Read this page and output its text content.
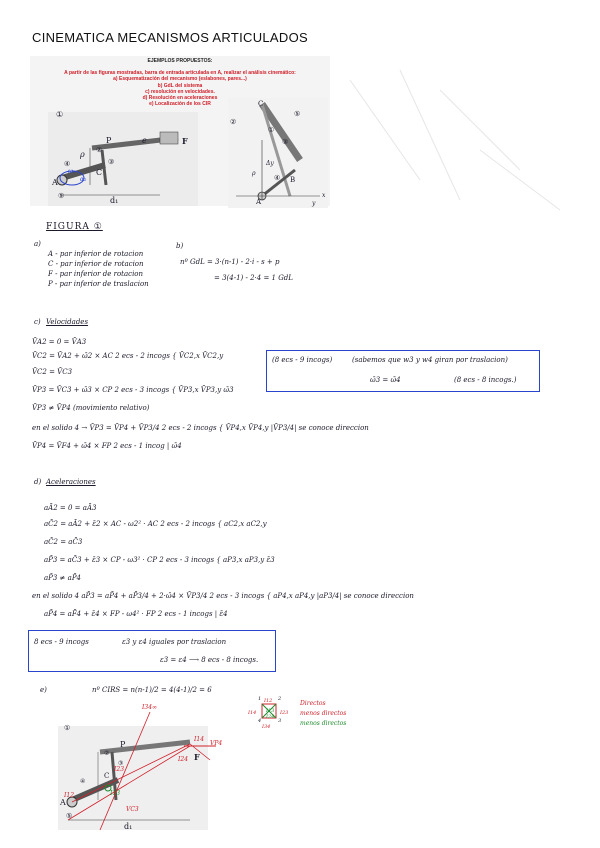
CINEMATICA MECANISMOS ARTICULADOS
EJEMPLOS PROPUESTOS:
A partir de las figuras mostradas, barra de entrada articulada en A, realizar el análisis cinemático:
a) Esquematización del mecanismo (eslabones, pares...)
b) GdL del sistema
c) resolución en velocidades.
d) Resolución en aceleraciones
e) Localización de los CIR
①
P	e	F
②
③
ρ
C
④
A
ω₂
α₂
⑤	d₁
②
C
①
③
⑤
④ B
Δy
ρ
A
x
y
FIGURA ①
a)
A - par inferior de rotacion
C - par inferior de rotacion
F - par inferior de rotacion
P - par inferior de traslacion
b)
nº GdL = 3·(n-1) - 2·i - s + p
= 3(4-1) - 2·4 = 1 GdL
c) Velocidades
V̄A2 = 0 = V̄A3
V̄C2 = V̄A2 + ω̄2 × AC 2 ecs - 2 incogs { V̄C2,x V̄C2,y
V̄C2 = V̄C3
V̄P3 = V̄C3 + ω̄3 × CP 2 ecs - 3 incogs { V̄P3,x V̄P3,y ω̄3
V̄P3 ≠ V̄P4 (movimiento relativo)
en el solido 4 → V̄P3 = V̄P4 + V̄P3/4 2 ecs - 2 incogs { V̄P4,x V̄P4,y |V̄P3/4| se conoce direccion
V̄P4 = V̄F4 + ω̄4 × FP 2 ecs - 1 incog | ω̄4
(8 ecs - 9 incogs)	(sabemos que w3 y w4 giran por traslacion)
ω̄3 = ω̄4	(8 ecs - 8 incogs.)
d) Aceleraciones
aĀ2 = 0 = aĀ3
aC̄2 = aĀ2 + ε̄2 × AC - ω2² · AC 2 ecs - 2 incogs { aC2,x aC2,y
aC̄2 = aC̄3
aP̄3 = aC̄3 + ε̄3 × CP - ω3² · CP 2 ecs - 3 incogs { aP3,x aP3,y ε̄3
aP̄3 ≠ aP̄4
en el solido 4 aP̄3 = aP̄4 + aP̄3/4 + 2·ω̄4 × V̄P3/4 2 ecs - 3 incogs { aP4,x aP4,y |aP3/4| se conoce direccion
aP̄4 = aF̄4 + ε̄4 × FP - ω4² · FP 2 ecs - 1 incogs | ε̄4
8 ecs - 9 incogs	ε3 y ε4 iguales por traslacion
ε3 = ε4 ⟶ 8 ecs - 8 incogs.
e)	nº CIRS = n(n-1)/2 = 4(4-1)/2 = 6
1	2
3
4
I12
I13
I14	I23
I24
I34
Directos
menos directos
menos directos
I34∞
I23
I24
I13
I14
I12
VC3
VP4
①
②
③
④
⑤
A
P
F
C
d₁
